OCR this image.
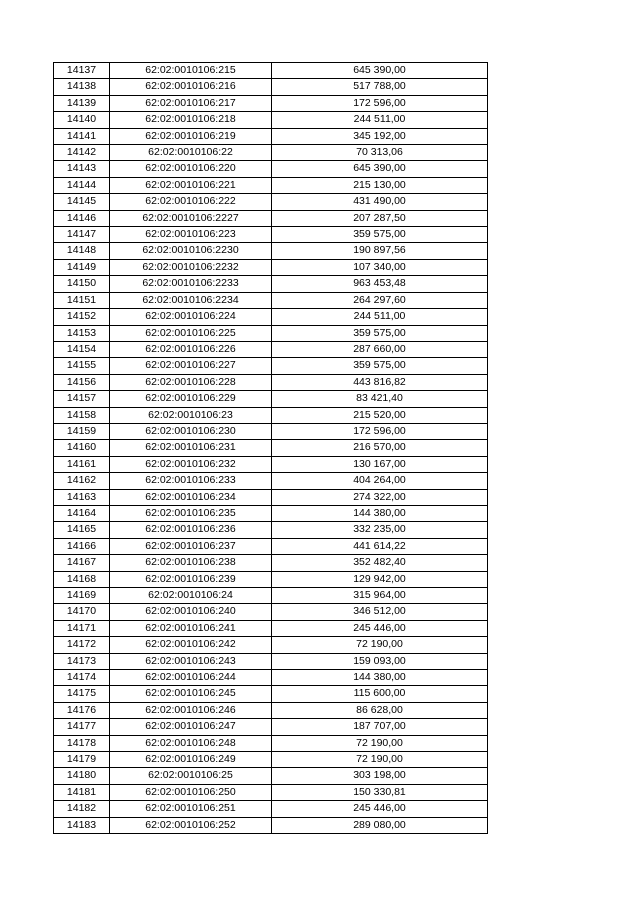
14137	62:02:0010106:215	645 390,00
14138	62:02:0010106:216	517 788,00
14139	62:02:0010106:217	172 596,00
14140	62:02:0010106:218	244 511,00
14141	62:02:0010106:219	345 192,00
14142	62:02:0010106:22	70 313,06
14143	62:02:0010106:220	645 390,00
14144	62:02:0010106:221	215 130,00
14145	62:02:0010106:222	431 490,00
14146	62:02:0010106:2227	207 287,50
14147	62:02:0010106:223	359 575,00
14148	62:02:0010106:2230	190 897,56
14149	62:02:0010106:2232	107 340,00
14150	62:02:0010106:2233	963 453,48
14151	62:02:0010106:2234	264 297,60
14152	62:02:0010106:224	244 511,00
14153	62:02:0010106:225	359 575,00
14154	62:02:0010106:226	287 660,00
14155	62:02:0010106:227	359 575,00
14156	62:02:0010106:228	443 816,82
14157	62:02:0010106:229	83 421,40
14158	62:02:0010106:23	215 520,00
14159	62:02:0010106:230	172 596,00
14160	62:02:0010106:231	216 570,00
14161	62:02:0010106:232	130 167,00
14162	62:02:0010106:233	404 264,00
14163	62:02:0010106:234	274 322,00
14164	62:02:0010106:235	144 380,00
14165	62:02:0010106:236	332 235,00
14166	62:02:0010106:237	441 614,22
14167	62:02:0010106:238	352 482,40
14168	62:02:0010106:239	129 942,00
14169	62:02:0010106:24	315 964,00
14170	62:02:0010106:240	346 512,00
14171	62:02:0010106:241	245 446,00
14172	62:02:0010106:242	72 190,00
14173	62:02:0010106:243	159 093,00
14174	62:02:0010106:244	144 380,00
14175	62:02:0010106:245	115 600,00
14176	62:02:0010106:246	86 628,00
14177	62:02:0010106:247	187 707,00
14178	62:02:0010106:248	72 190,00
14179	62:02:0010106:249	72 190,00
14180	62:02:0010106:25	303 198,00
14181	62:02:0010106:250	150 330,81
14182	62:02:0010106:251	245 446,00
14183	62:02:0010106:252	289 080,00
